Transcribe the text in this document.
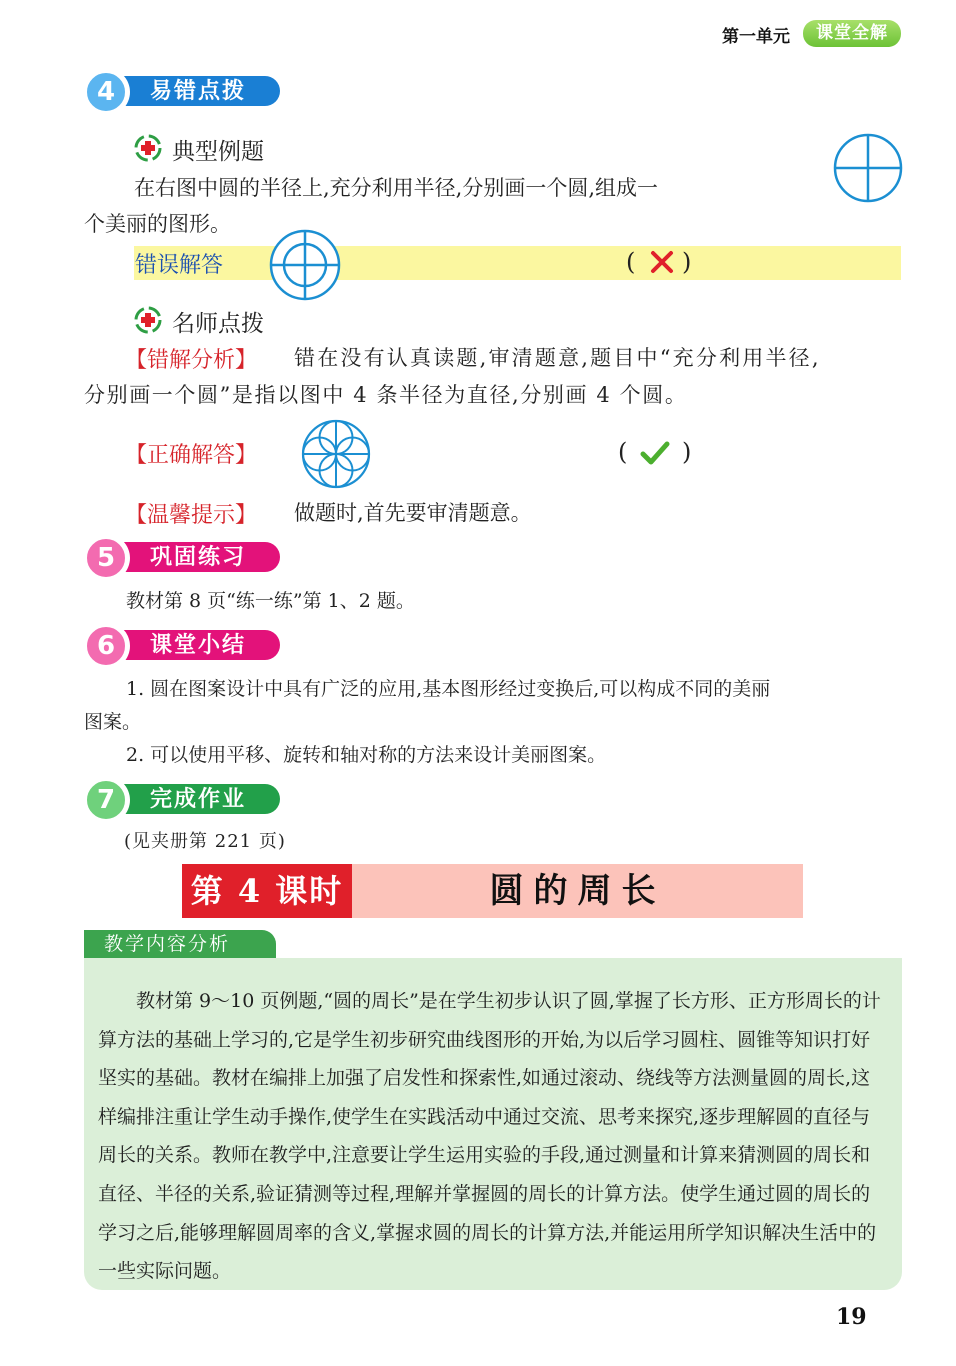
第一单元	课堂全解
4	易错点拨
典型例题
在右图中圆的半径上,充分利用半径,分别画一个圆,组成一
个美丽的图形。
错误解答	( )
名师点拨
【错解分析】 错在没有认真读题,审清题意,题目中“充分利用半径,
分别画一个圆”是指以图中 4 条半径为直径,分别画 4 个圆。
【正确解答】	( )
【温馨提示】 做题时,首先要审清题意。
5	巩固练习
教材第 8 页“练一练”第 1、2 题。
6	课堂小结
1. 圆在图案设计中具有广泛的应用,基本图形经过变换后,可以构成不同的美丽
图案。
2. 可以使用平移、旋转和轴对称的方法来设计美丽图案。
7	完成作业
(见夹册第 221 页)
第 4 课时	圆的周长
教学内容分析
教材第 9～10 页例题,“圆的周长”是在学生初步认识了圆,掌握了长方形、正方形周长的计算方法的基础上学习的,它是学生初步研究曲线图形的开始,为以后学习圆柱、圆锥等知识打好坚实的基础。教材在编排上加强了启发性和探索性,如通过滚动、绕线等方法测量圆的周长,这样编排注重让学生动手操作,使学生在实践活动中通过交流、思考来探究,逐步理解圆的直径与周长的关系。教师在教学中,注意要让学生运用实验的手段,通过测量和计算来猜测圆的周长和直径、半径的关系,验证猜测等过程,理解并掌握圆的周长的计算方法。使学生通过圆的周长的学习之后,能够理解圆周率的含义,掌握求圆的周长的计算方法,并能运用所学知识解决生活中的一些实际问题。
19
